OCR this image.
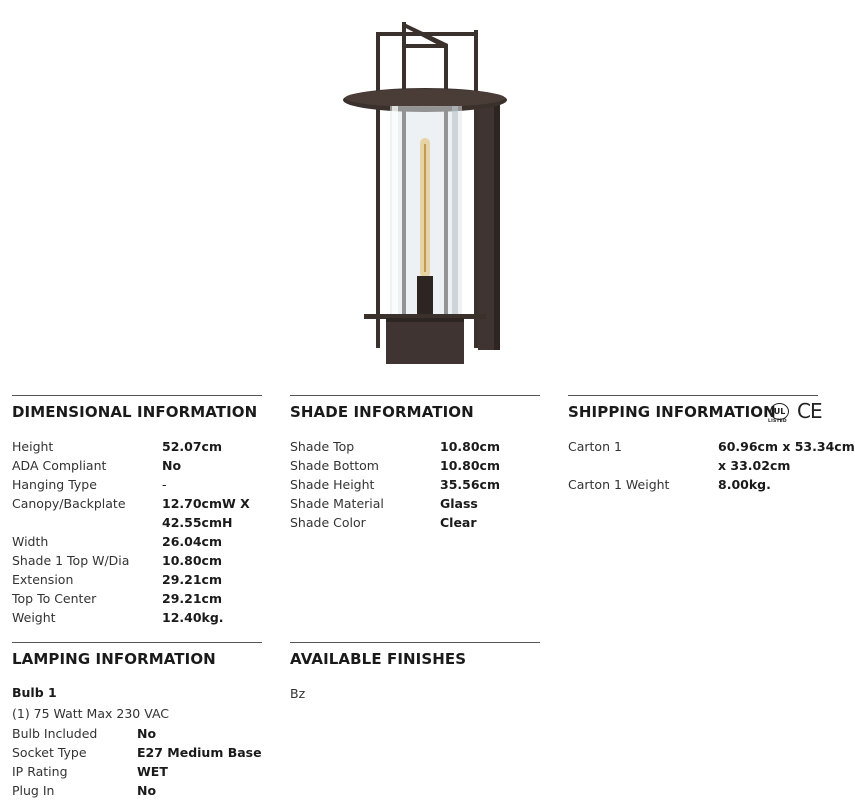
DIMENSIONAL INFORMATION
Height	52.07cm
ADA Compliant	No
Hanging Type	-
Canopy/Backplate	12.70cmW X
42.55cmH
Width	26.04cm
Shade 1 Top W/Dia	10.80cm
Extension	29.21cm
Top To Center	29.21cm
Weight	12.40kg.
SHADE INFORMATION
Shade Top	10.80cm
Shade Bottom	10.80cm
Shade Height	35.56cm
Shade Material	Glass
Shade Color	Clear
SHIPPING INFORMATION
UL
LISTED CE
Carton 1	60.96cm x 53.34cm
x 33.02cm
Carton 1 Weight	8.00kg.
LAMPING INFORMATION
Bulb 1
(1) 75 Watt Max 230 VAC
Bulb Included	No
Socket Type	E27 Medium Base
IP Rating	WET
Plug In	No
AVAILABLE FINISHES
Bz
